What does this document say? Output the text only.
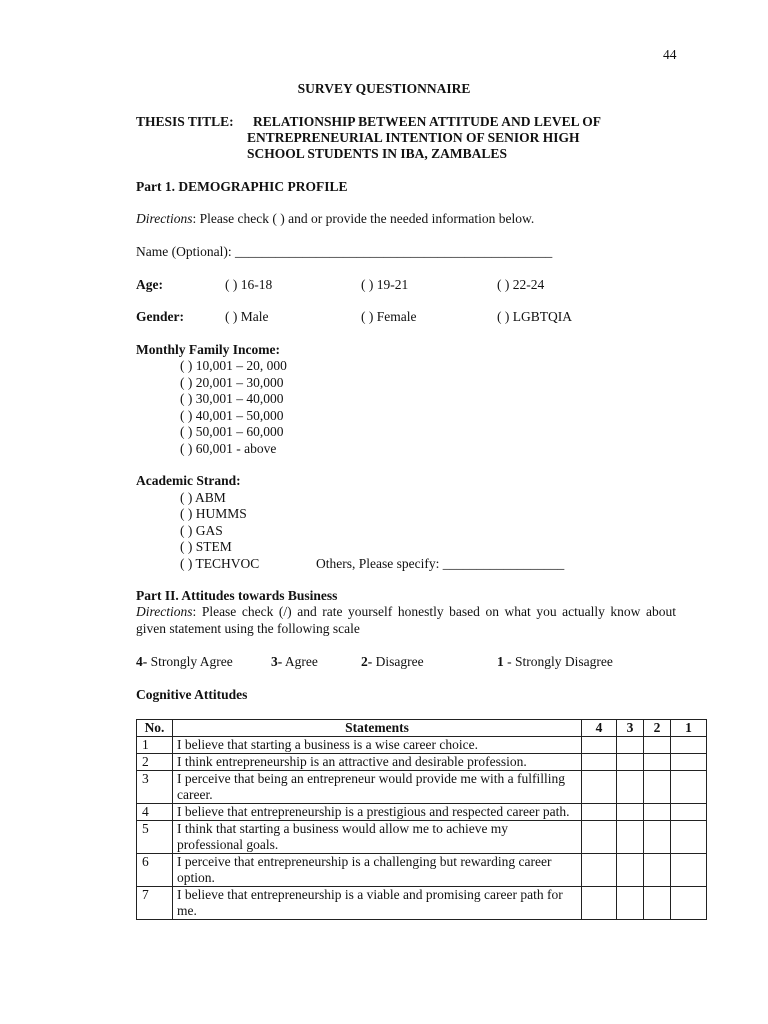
44
SURVEY QUESTIONNAIRE
THESIS TITLE: RELATIONSHIP BETWEEN ATTITUDE AND LEVEL OF
ENTREPRENEURIAL INTENTION OF SENIOR HIGH
SCHOOL STUDENTS IN IBA, ZAMBALES
Part 1. DEMOGRAPHIC PROFILE
Directions: Please check ( ) and or provide the needed information below.
Name (Optional): _______________________________________________
Age:	( ) 16-18	( ) 19-21	( ) 22-24
Gender:	( ) Male	( ) Female	( ) LGBTQIA
Monthly Family Income:
( ) 10,001 – 20, 000
( ) 20,001 – 30,000
( ) 30,001 – 40,000
( ) 40,001 – 50,000
( ) 50,001 – 60,000
( ) 60,001 - above
Academic Strand:
( ) ABM
( ) HUMMS
( ) GAS
( ) STEM
( ) TECHVOC	Others, Please specify: __________________
Part II. Attitudes towards Business
Directions: Please check (/) and rate yourself honestly based on what you actually know about given statement using the following scale
4- Strongly Agree	3- Agree	2- Disagree	1 - Strongly Disagree
Cognitive Attitudes
No.	Statements	4	3	2	1
1	I believe that starting a business is a wise career choice.				
2	I think entrepreneurship is an attractive and desirable profession.				
3	I perceive that being an entrepreneur would provide me with a fulfilling career.				
4	I believe that entrepreneurship is a prestigious and respected career path.				
5	I think that starting a business would allow me to achieve my professional goals.				
6	I perceive that entrepreneurship is a challenging but rewarding career option.				
7	I believe that entrepreneurship is a viable and promising career path for me.				
